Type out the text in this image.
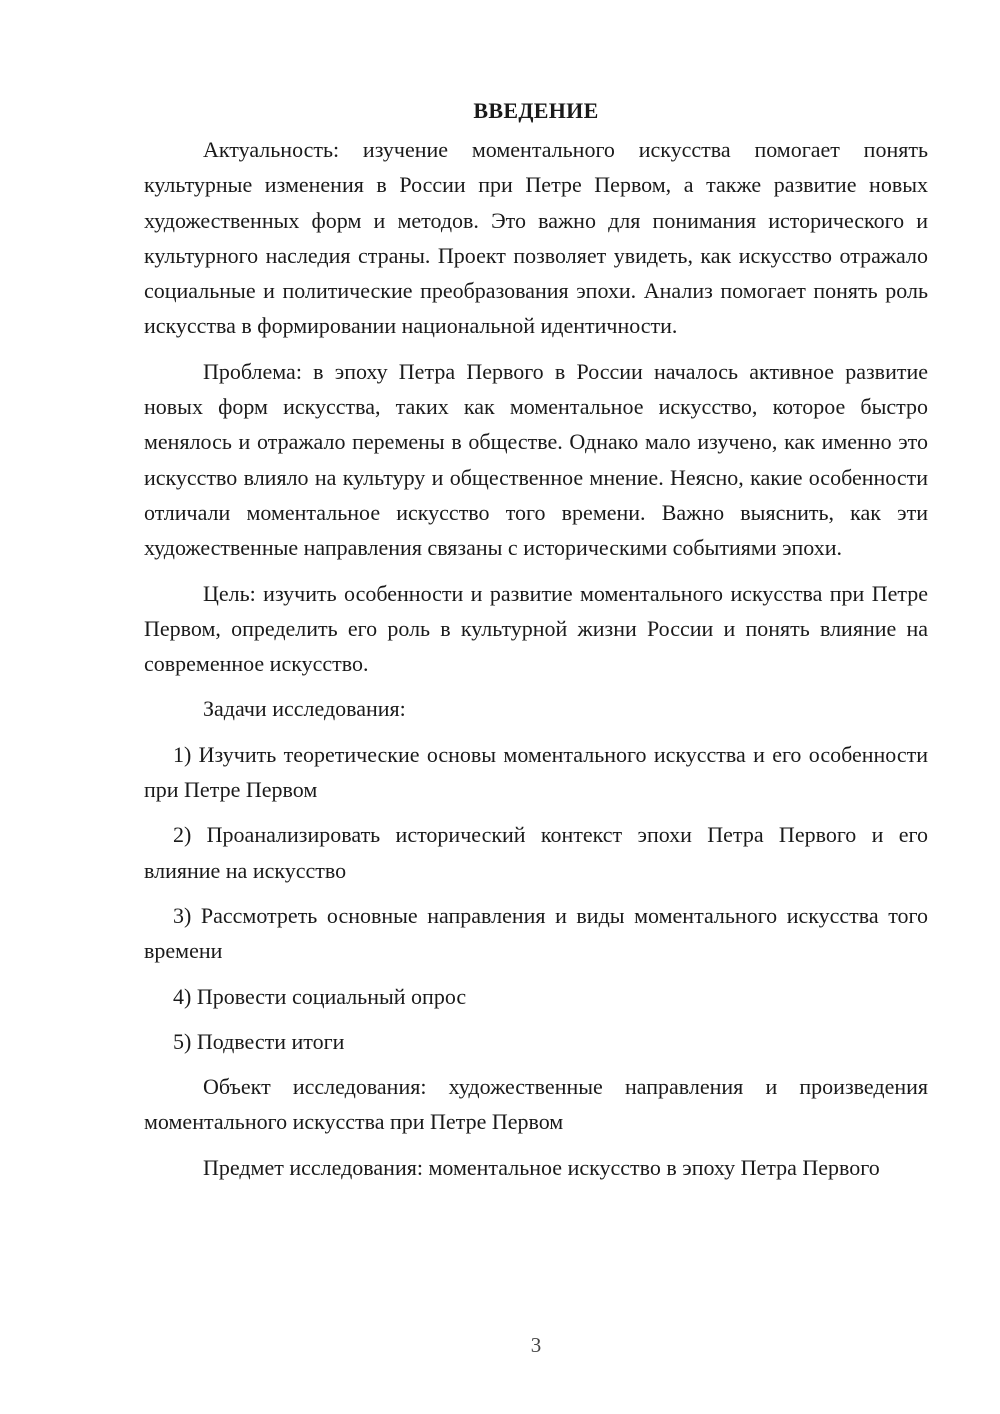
ВВЕДЕНИЕ

Актуальность: изучение моментального искусства помогает понять культурные изменения в России при Петре Первом, а также развитие новых художественных форм и методов. Это важно для понимания исторического и культурного наследия страны. Проект позволяет увидеть, как искусство отражало социальные и политические преобразования эпохи. Анализ помогает понять роль искусства в формировании национальной идентичности.

Проблема: в эпоху Петра Первого в России началось активное развитие новых форм искусства, таких как моментальное искусство, которое быстро менялось и отражало перемены в обществе. Однако мало изучено, как именно это искусство влияло на культуру и общественное мнение. Неясно, какие особенности отличали моментальное искусство того времени. Важно выяснить, как эти художественные направления связаны с историческими событиями эпохи.

Цель: изучить особенности и развитие моментального искусства при Петре Первом, определить его роль в культурной жизни России и понять влияние на современное искусство.

Задачи исследования:

1) Изучить теоретические основы моментального искусства и его особенности при Петре Первом

2) Проанализировать исторический контекст эпохи Петра Первого и его влияние на искусство

3) Рассмотреть основные направления и виды моментального искусства того времени

4) Провести социальный опрос

5) Подвести итоги

Объект исследования: художественные направления и произведения моментального искусства при Петре Первом

Предмет исследования: моментальное искусство в эпоху Петра Первого

3
